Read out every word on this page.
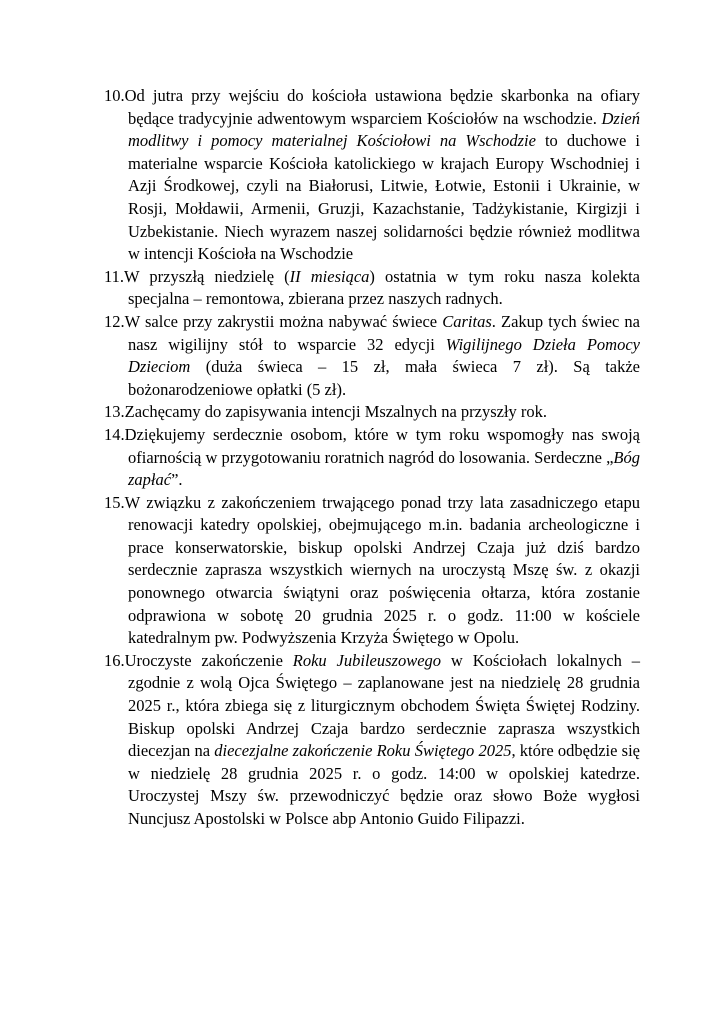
10.Od jutra przy wejściu do kościoła ustawiona będzie skarbonka na ofiary będące tradycyjnie adwentowym wsparciem Kościołów na wschodzie. Dzień modlitwy i pomocy materialnej Kościołowi na Wschodzie to duchowe i materialne wsparcie Kościoła katolickiego w krajach Europy Wschodniej i Azji Środkowej, czyli na Białorusi, Litwie, Łotwie, Estonii i Ukrainie, w Rosji, Mołdawii, Armenii, Gruzji, Kazachstanie, Tadżykistanie, Kirgizji i Uzbekistanie. Niech wyrazem naszej solidarności będzie również modlitwa w intencji Kościoła na Wschodzie
11.W przyszłą niedzielę (II miesiąca) ostatnia w tym roku nasza kolekta specjalna – remontowa, zbierana przez naszych radnych.
12.W salce przy zakrystii można nabywać świece Caritas. Zakup tych świec na nasz wigilijny stół to wsparcie 32 edycji Wigilijnego Dzieła Pomocy Dzieciom (duża świeca – 15 zł, mała świeca 7 zł). Są także bożonarodzeniowe opłatki (5 zł).
13.Zachęcamy do zapisywania intencji Mszalnych na przyszły rok.
14.Dziękujemy serdecznie osobom, które w tym roku wspomogły nas swoją ofiarnością w przygotowaniu roratnich nagród do losowania. Serdeczne „Bóg zapłać”.
15.W związku z zakończeniem trwającego ponad trzy lata zasadniczego etapu renowacji katedry opolskiej, obejmującego m.in. badania archeologiczne i prace konserwatorskie, biskup opolski Andrzej Czaja już dziś bardzo serdecznie zaprasza wszystkich wiernych na uroczystą Mszę św. z okazji ponownego otwarcia świątyni oraz poświęcenia ołtarza, która zostanie odprawiona w sobotę 20 grudnia 2025 r. o godz. 11:00 w kościele katedralnym pw. Podwyższenia Krzyża Świętego w Opolu.
16.Uroczyste zakończenie Roku Jubileuszowego w Kościołach lokalnych – zgodnie z wolą Ojca Świętego – zaplanowane jest na niedzielę 28 grudnia 2025 r., która zbiega się z liturgicznym obchodem Święta Świętej Rodziny. Biskup opolski Andrzej Czaja bardzo serdecznie zaprasza wszystkich diecezjan na diecezjalne zakończenie Roku Świętego 2025, które odbędzie się w niedzielę 28 grudnia 2025 r. o godz. 14:00 w opolskiej katedrze. Uroczystej Mszy św. przewodniczyć będzie oraz słowo Boże wygłosi Nuncjusz Apostolski w Polsce abp Antonio Guido Filipazzi.
